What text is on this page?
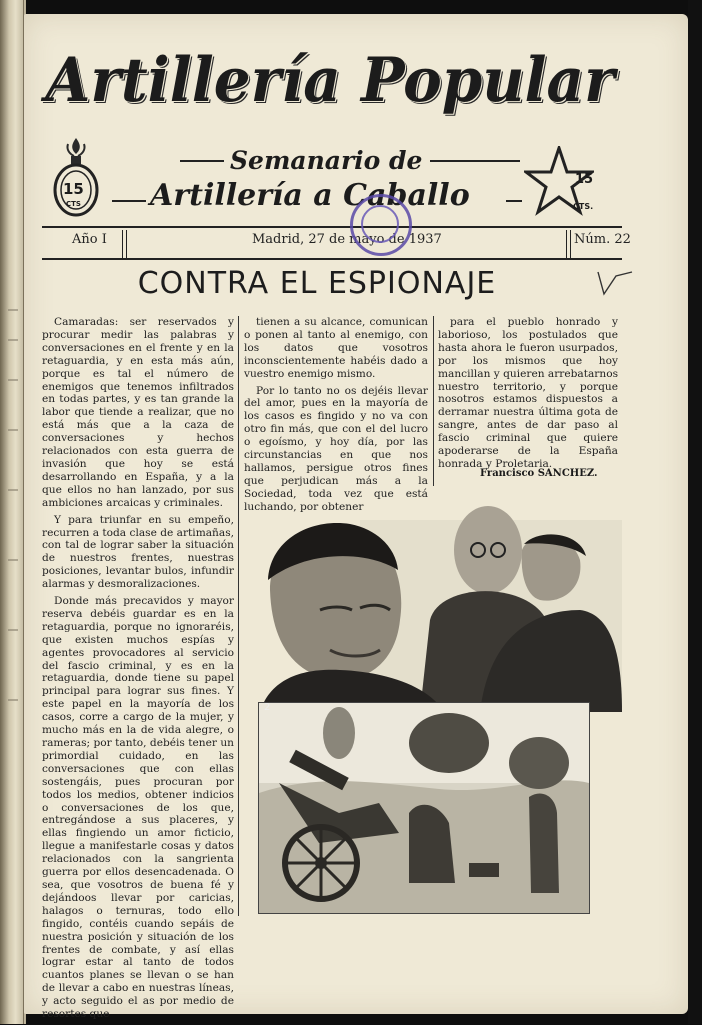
Artillería Popular
15
CTS
Semanario de
Artillería a Caballo	15
CTS.
Año I	Madrid, 27 de mayo de 1937	Núm. 22
CONTRA EL ESPIONAJE

Camaradas: ser reservados y procurar medir las palabras y conversaciones en el frente y en la retaguardia, y en esta más aún, porque es tal el número de enemigos que tenemos infiltrados en todas partes, y es tan grande la labor que tiende a realizar, que no está más que a la caza de conversaciones y hechos relacionados con esta guerra de invasión que hoy se está desarrollando en España, y a la que ellos no han lanzado, por sus ambiciones arcaicas y criminales.

Y para triunfar en su empeño, recurren a toda clase de artimañas, con tal de lograr saber la situación de nuestros frentes, nuestras posiciones, levantar bulos, infundir alarmas y desmoralizaciones.

Donde más precavidos y mayor reserva debéis guardar es en la retaguardia, porque no ignoraréis, que existen muchos espías y agentes provocadores al servicio del fascio criminal, y es en la retaguardia, donde tiene su papel principal para lograr sus fines. Y este papel en la mayoría de los casos, corre a cargo de la mujer, y mucho más en la de vida alegre, o rameras; por tanto, debéis tener un primordial cuidado, en las conversaciones que con ellas sostengáis, pues procuran por todos los medios, obtener indicios o conversaciones de los que, entregándose a sus placeres, y ellas fingiendo un amor ficticio, llegue a manifestarle cosas y datos relacionados con la sangrienta guerra por ellos desencadenada. O sea, que vosotros de buena fé y dejándoos llevar por caricias, halagos o ternuras, todo ello fingido, contéis cuando sepáis de nuestra posición y situación de los frentes de combate, y así ellas lograr estar al tanto de todos cuantos planes se llevan o se han de llevar a cabo en nuestras líneas, y acto seguido el as por medio de resortes que

tienen a su alcance, comunican o ponen al tanto al enemigo, con los datos que vosotros inconscientemente habéis dado a vuestro enemigo mismo.

Por lo tanto no os dejéis llevar del amor, pues en la mayoría de los casos es fingido y no va con otro fin más, que con el del lucro o egoísmo, y hoy día, por las circunstancias en que nos hallamos, persigue otros fines que perjudican más a la Sociedad, toda vez que está luchando, por obtener

para el pueblo honrado y laborioso, los postulados que hasta ahora le fueron usurpados, por los mismos que hoy mancillan y quieren arrebatarnos nuestro territorio, y porque nosotros estamos dispuestos a derramar nuestra última gota de sangre, antes de dar paso al fascio criminal que quiere apoderarse de la España honrada y Proletaria.

Francisco SANCHEZ.
2
